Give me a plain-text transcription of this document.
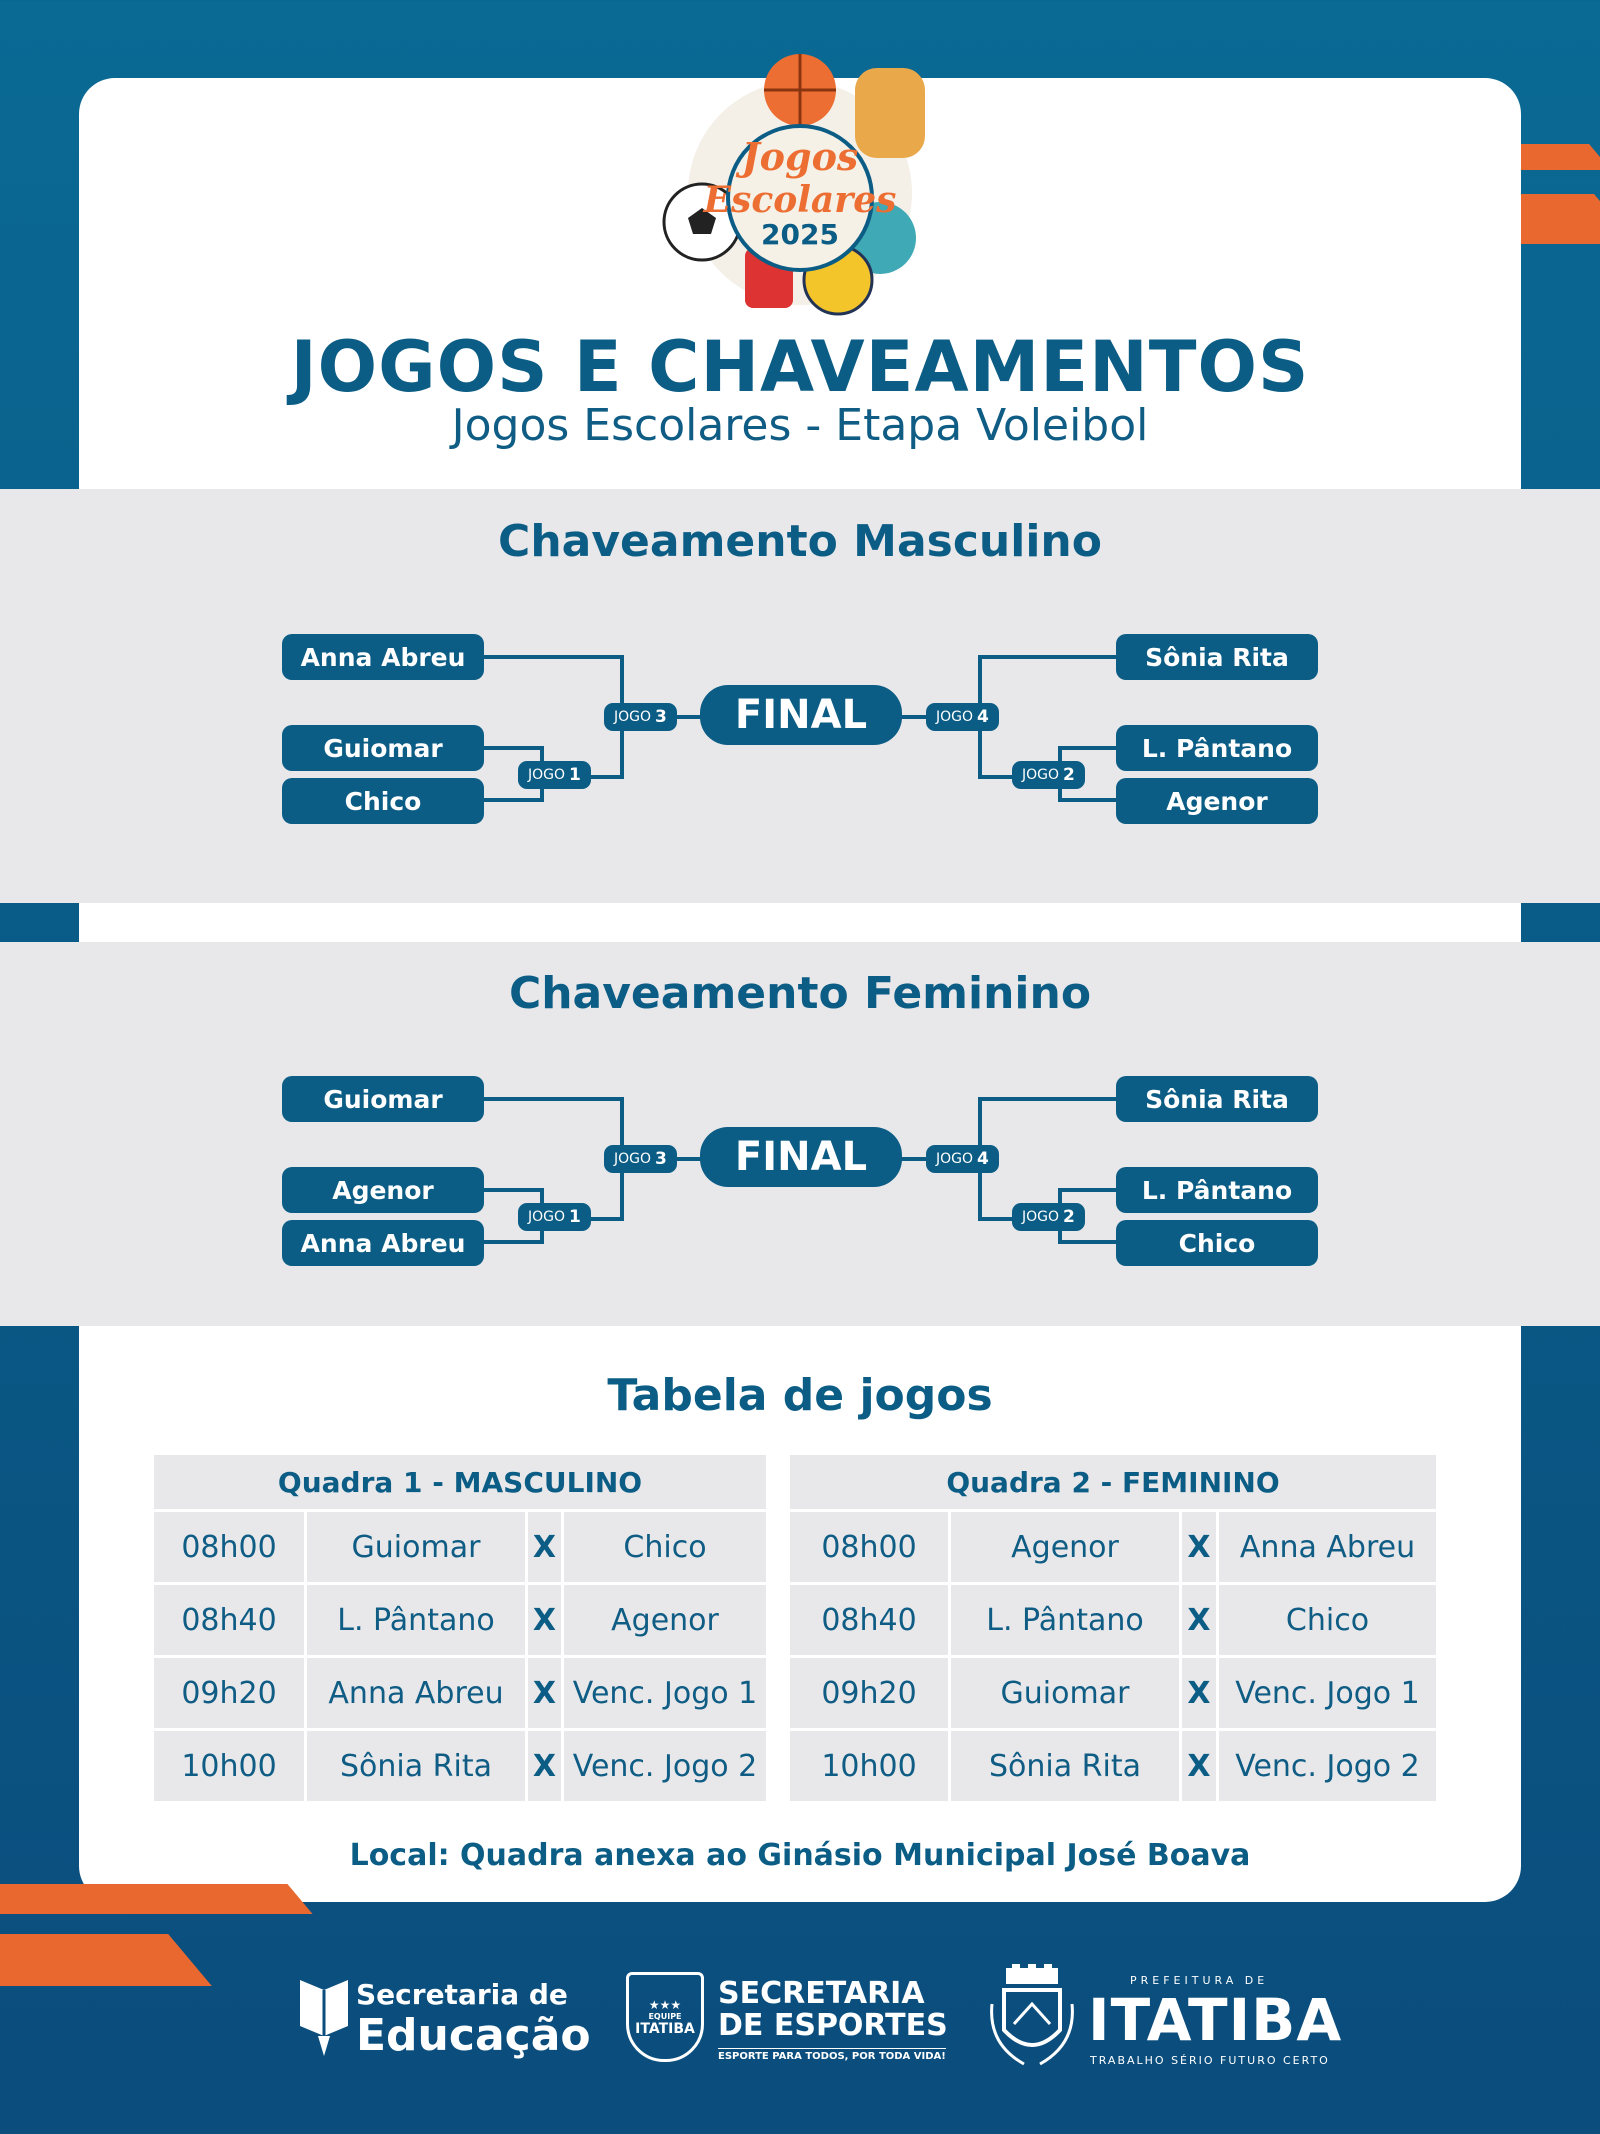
Jogos
Escolares
2025
JOGOS E CHAVEAMENTOS
Jogos Escolares - Etapa Voleibol
Chaveamento Masculino
Anna Abreu
Guiomar
Chico
Sônia Rita
L. Pântano
Agenor
FINAL
JOGO 3
JOGO 1
JOGO 4
JOGO 2
Chaveamento Feminino
Guiomar
Agenor
Anna Abreu
Sônia Rita
L. Pântano
Chico
FINAL
JOGO 3
JOGO 1
JOGO 4
JOGO 2
Tabela de jogos
Quadra 1 - MASCULINO			
08h00	Guiomar	X	Chico
08h40	L. Pântano	X	Agenor
09h20	Anna Abreu	X	Venc. Jogo 1
10h00	Sônia Rita	X	Venc. Jogo 2
Quadra 2 - FEMININO			
08h00	Agenor	X	Anna Abreu
08h40	L. Pântano	X	Chico
09h20	Guiomar	X	Venc. Jogo 1
10h00	Sônia Rita	X	Venc. Jogo 2
Local: Quadra anexa ao Ginásio Municipal José Boava
Secretaria de
Educação
★★★
EQUIPE
ITATIBA
SECRETARIA
DE ESPORTES
ESPORTE PARA TODOS, POR TODA VIDA!
PREFEITURA DE
ITATIBA
TRABALHO SÉRIO FUTURO CERTO
